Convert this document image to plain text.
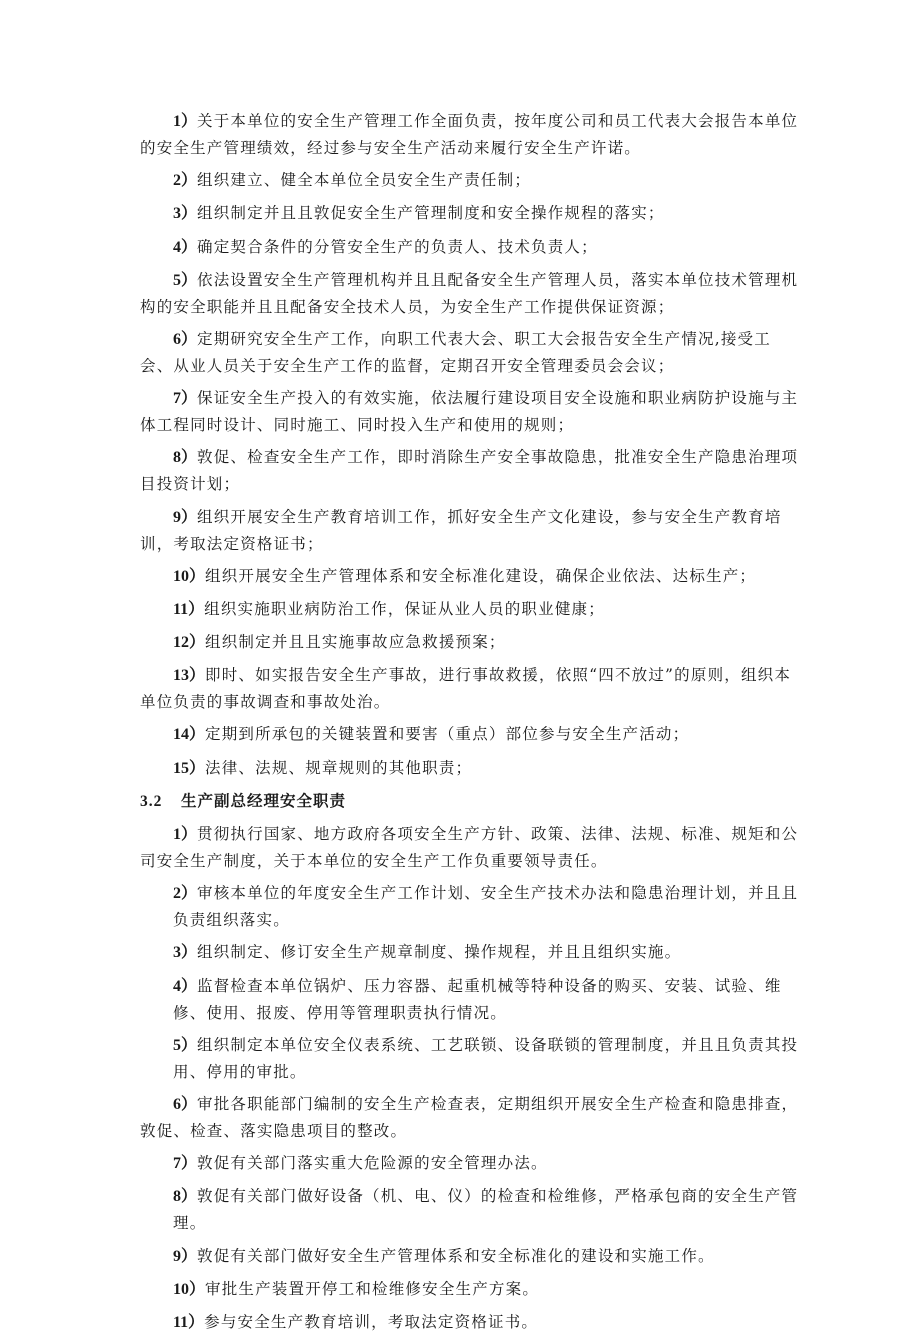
1）关于本单位的安全生产管理工作全面负责，按年度公司和员工代表大会报告本单位的安全生产管理绩效，经过参与安全生产活动来履行安全生产许诺。

2）组织建立、健全本单位全员安全生产责任制；

3）组织制定并且且敦促安全生产管理制度和安全操作规程的落实；

4）确定契合条件的分管安全生产的负责人、技术负责人；

5）依法设置安全生产管理机构并且且配备安全生产管理人员，落实本单位技术管理机构的安全职能并且且配备安全技术人员，为安全生产工作提供保证资源；

6）定期研究安全生产工作，向职工代表大会、职工大会报告安全生产情况,接受工会、从业人员关于安全生产工作的监督，定期召开安全管理委员会会议；

7）保证安全生产投入的有效实施，依法履行建设项目安全设施和职业病防护设施与主体工程同时设计、同时施工、同时投入生产和使用的规则；

8）敦促、检查安全生产工作，即时消除生产安全事故隐患，批准安全生产隐患治理项目投资计划；

9）组织开展安全生产教育培训工作，抓好安全生产文化建设，参与安全生产教育培训，考取法定资格证书；

10）组织开展安全生产管理体系和安全标准化建设，确保企业依法、达标生产；

11）组织实施职业病防治工作，保证从业人员的职业健康；

12）组织制定并且且实施事故应急救援预案；

13）即时、如实报告安全生产事故，进行事故救援，依照“四不放过”的原则，组织本单位负责的事故调查和事故处治。

14）定期到所承包的关键装置和要害（重点）部位参与安全生产活动；

15）法律、法规、规章规则的其他职责；

3.2 生产副总经理安全职责

1）贯彻执行国家、地方政府各项安全生产方针、政策、法律、法规、标准、规矩和公司安全生产制度，关于本单位的安全生产工作负重要领导责任。

2）审核本单位的年度安全生产工作计划、安全生产技术办法和隐患治理计划，并且且负责组织落实。

3）组织制定、修订安全生产规章制度、操作规程，并且且组织实施。

4）监督检查本单位锅炉、压力容器、起重机械等特种设备的购买、安装、试验、维修、使用、报废、停用等管理职责执行情况。

5）组织制定本单位安全仪表系统、工艺联锁、设备联锁的管理制度，并且且负责其投用、停用的审批。

6）审批各职能部门编制的安全生产检查表，定期组织开展安全生产检查和隐患排查，敦促、检查、落实隐患项目的整改。

7）敦促有关部门落实重大危险源的安全管理办法。

8）敦促有关部门做好设备（机、电、仪）的检查和检维修，严格承包商的安全生产管理。

9）敦促有关部门做好安全生产管理体系和安全标准化的建设和实施工作。

10）审批生产装置开停工和检维修安全生产方案。

11）参与安全生产教育培训，考取法定资格证书。
